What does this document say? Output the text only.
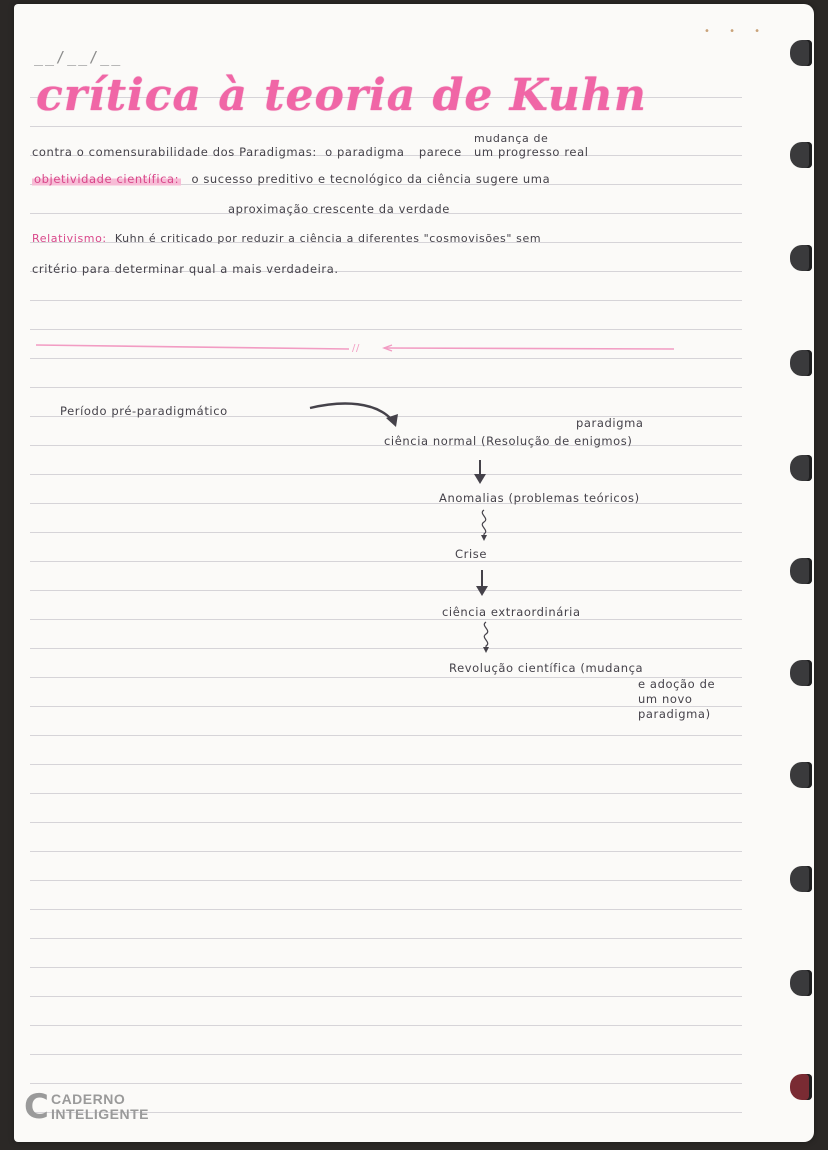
• • •
__/__/__
crítica à teoria de Kuhn
mudança de
contra o comensurabilidade dos Paradigmas: o paradigma parece um progresso real
objetividade científica: o sucesso preditivo e tecnológico da ciência sugere uma
aproximação crescente da verdade
Relativismo: Kuhn é criticado por reduzir a ciência a diferentes "cosmovisões" sem
critério para determinar qual a mais verdadeira.
//
Período pré-paradigmático
paradigma
ciência normal (Resolução de enigmos)
Anomalias (problemas teóricos)
Crise
ciência extraordinária
Revolução científica (mudança
e adoção de
um novo
paradigma)
C CADERNO
INTELIGENTE
